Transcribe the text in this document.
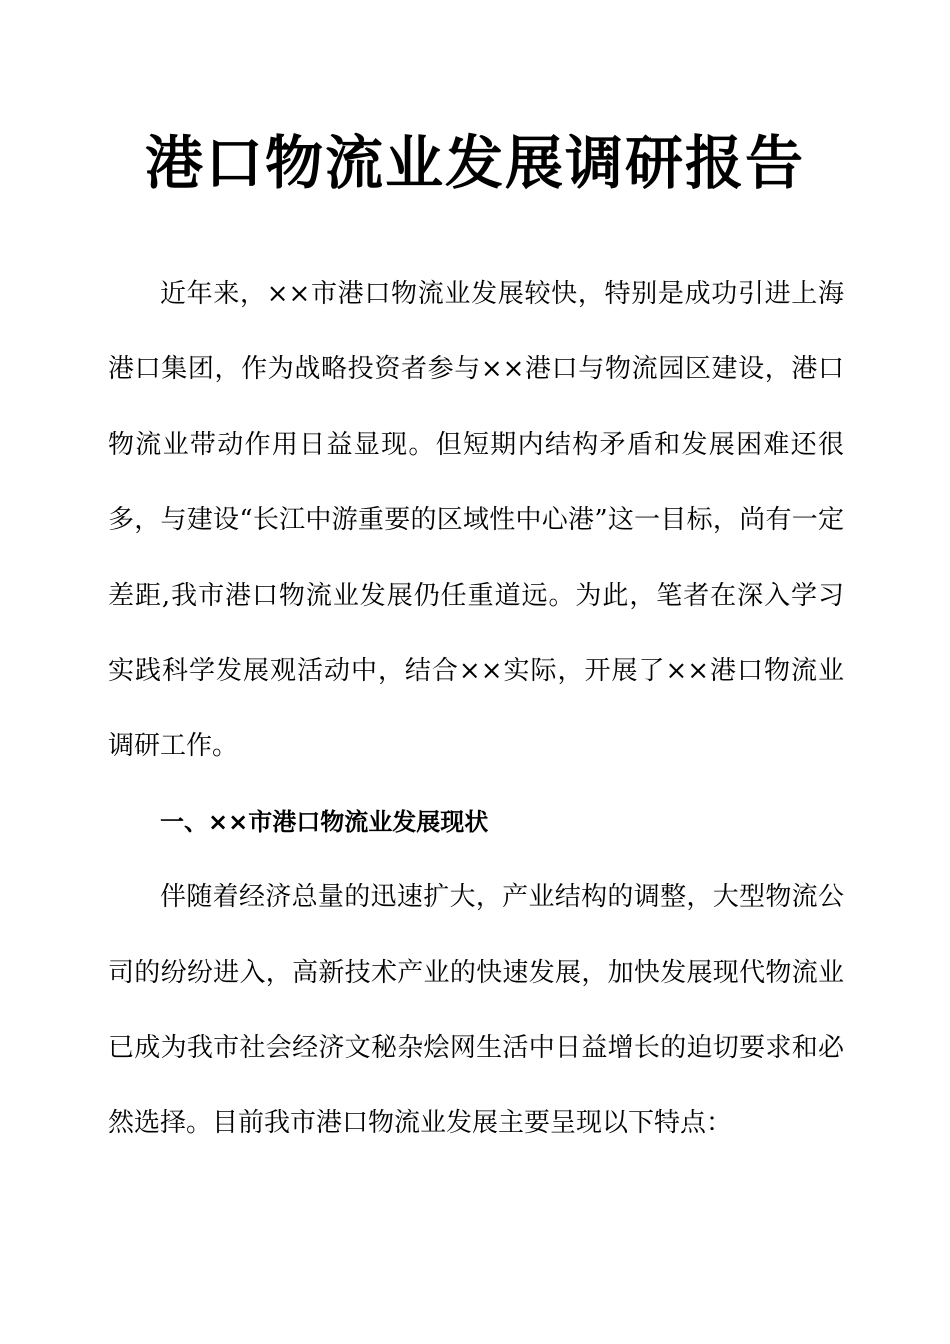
港口物流业发展调研报告

近年来，××市港口物流业发展较快，特别是成功引进上海港口集团，作为战略投资者参与××港口与物流园区建设，港口物流业带动作用日益显现。但短期内结构矛盾和发展困难还很多，与建设“长江中游重要的区域性中心港”这一目标，尚有一定差距,我市港口物流业发展仍任重道远。为此，笔者在深入学习实践科学发展观活动中，结合××实际，开展了××港口物流业调研工作。

一、××市港口物流业发展现状

伴随着经济总量的迅速扩大，产业结构的调整，大型物流公司的纷纷进入，高新技术产业的快速发展，加快发展现代物流业已成为我市社会经济文秘杂烩网生活中日益增长的迫切要求和必然选择。目前我市港口物流业发展主要呈现以下特点：
